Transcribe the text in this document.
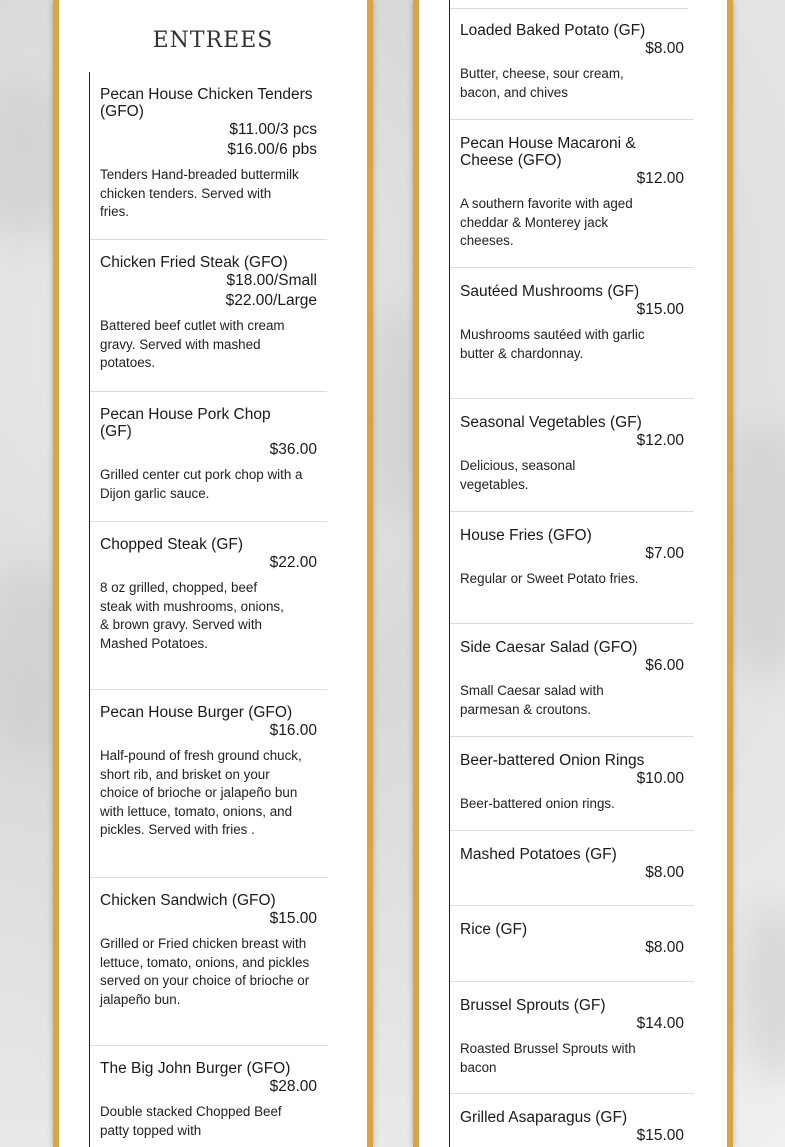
ENTREES
Pecan House Chicken Tenders (GFO)
$11.00/3 pcs
$16.00/6 pbs
Tenders Hand-breaded buttermilk chicken tenders. Served with fries.
Chicken Fried Steak (GFO)
$18.00/Small
$22.00/Large
Battered beef cutlet with cream gravy. Served with mashed potatoes.
Pecan House Pork Chop (GF)
$36.00
Grilled center cut pork chop with a Dijon garlic sauce.
Chopped Steak (GF)
$22.00
8 oz grilled, chopped, beef steak with mushrooms, onions, & brown gravy. Served with Mashed Potatoes.
Pecan House Burger (GFO)
$16.00
Half-pound of fresh ground chuck, short rib, and brisket on your choice of brioche or jalapeño bun with lettuce, tomato, onions, and pickles. Served with fries .
Chicken Sandwich (GFO)
$15.00
Grilled or Fried chicken breast with lettuce, tomato, onions, and pickles served on your choice of brioche or jalapeño bun.
The Big John Burger (GFO)
$28.00
Double stacked Chopped Beef patty topped with
Loaded Baked Potato (GF)
$8.00
Butter, cheese, sour cream, bacon, and chives
Pecan House Macaroni & Cheese (GFO)
$12.00
A southern favorite with aged cheddar & Monterey jack cheeses.
Sautéed Mushrooms (GF)
$15.00
Mushrooms sautéed with garlic
butter & chardonnay.
Seasonal Vegetables (GF)
$12.00
Delicious, seasonal vegetables.
House Fries (GFO)
$7.00
Regular or Sweet Potato fries.
Side Caesar Salad (GFO)
$6.00
Small Caesar salad with parmesan & croutons.
Beer-battered Onion Rings
$10.00
Beer-battered onion rings.
Mashed Potatoes (GF)
$8.00
Rice (GF)
$8.00
Brussel Sprouts (GF)
$14.00
Roasted Brussel Sprouts with bacon
Grilled Asaparagus (GF)
$15.00
